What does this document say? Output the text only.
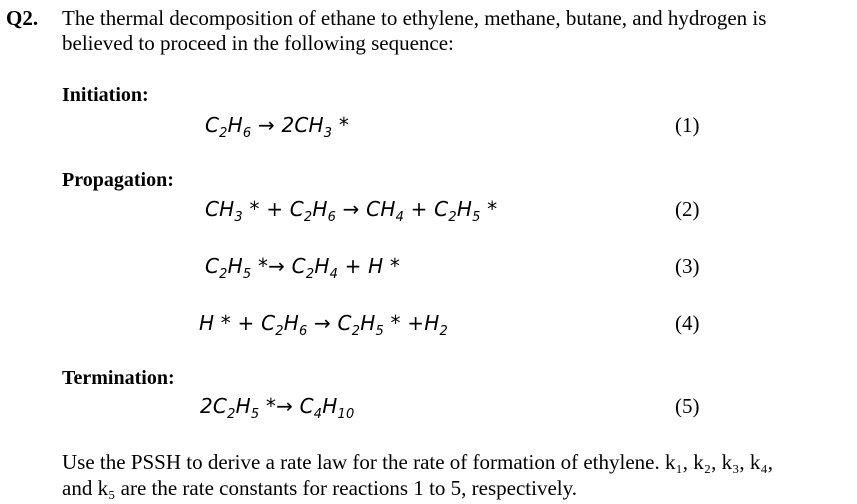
Q2. The thermal decomposition of ethane to ethylene, methane, butane, and hydrogen is
believed to proceed in the following sequence:
Initiation:
$C_2H_6 \to 2CH_3$ *	(1)
Propagation:
$CH_3$ * + $C_2H_6 \to CH_4 + C_2H_5$ *	(2)
$C_2H_5 *\to C_2H_4 + H$ *	(3)
H * + $C_2H_6 \to C_2H_5 * +H_2$	(4)
Termination:
$2C_2H_5 *\to C_4H_{10}$	(5)
Use the PSSH to derive a rate law for the rate of formation of ethylene. k₁, k₂, k₃, k₄,
and k₅ are the rate constants for reactions 1 to 5, respectively.
